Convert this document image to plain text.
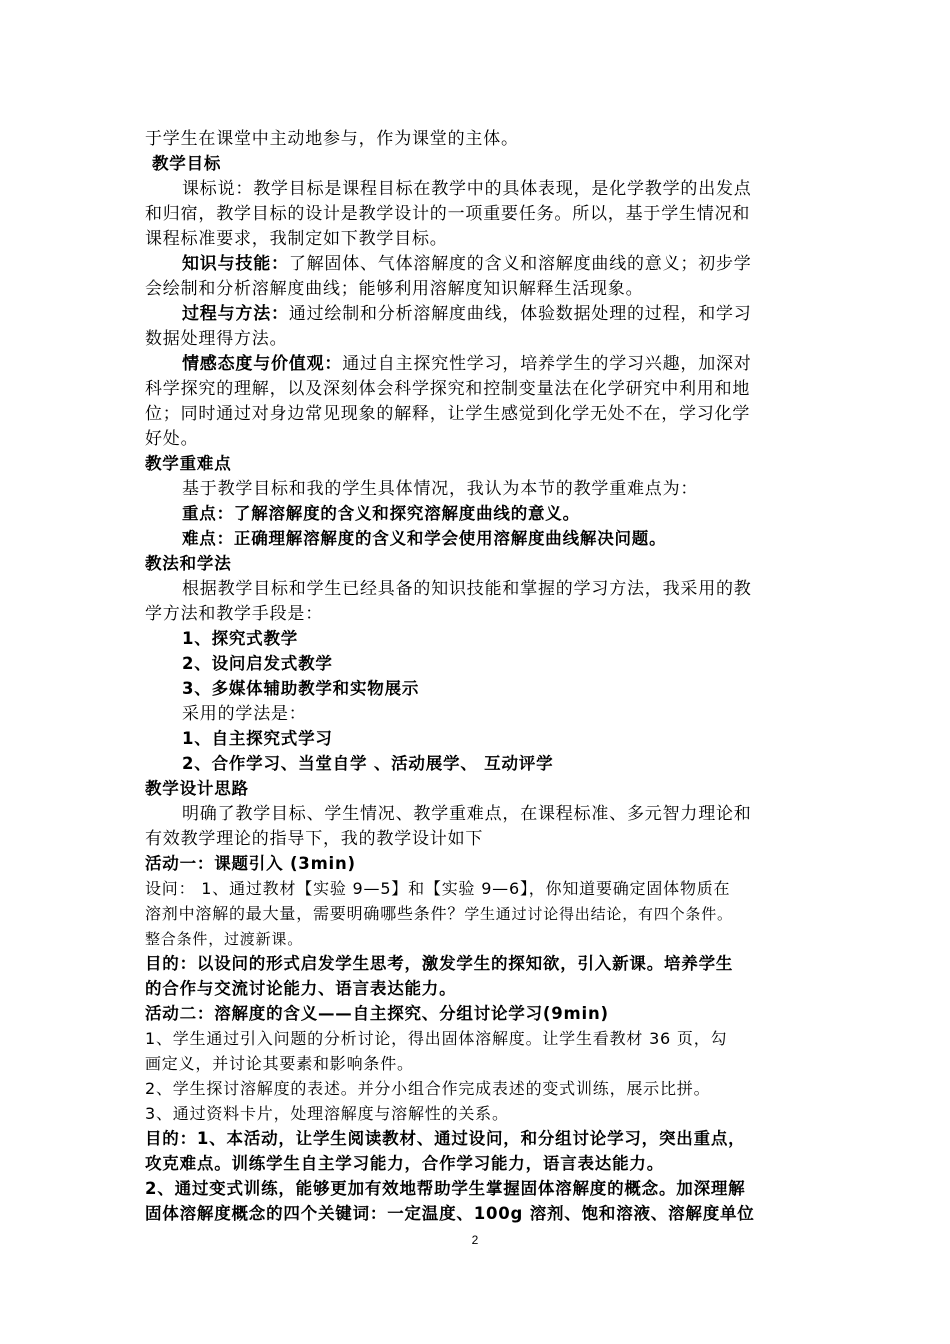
于学生在课堂中主动地参与，作为课堂的主体。
教学目标
课标说：教学目标是课程目标在教学中的具体表现，是化学教学的出发点
和归宿，教学目标的设计是教学设计的一项重要任务。所以，基于学生情况和
课程标准要求，我制定如下教学目标。
知识与技能：了解固体、气体溶解度的含义和溶解度曲线的意义；初步学
会绘制和分析溶解度曲线；能够利用溶解度知识解释生活现象。
过程与方法：通过绘制和分析溶解度曲线，体验数据处理的过程，和学习
数据处理得方法。
情感态度与价值观：通过自主探究性学习，培养学生的学习兴趣，加深对
科学探究的理解，以及深刻体会科学探究和控制变量法在化学研究中利用和地
位；同时通过对身边常见现象的解释，让学生感觉到化学无处不在，学习化学
好处。
教学重难点
基于教学目标和我的学生具体情况，我认为本节的教学重难点为：
重点：了解溶解度的含义和探究溶解度曲线的意义。
难点：正确理解溶解度的含义和学会使用溶解度曲线解决问题。
教法和学法
根据教学目标和学生已经具备的知识技能和掌握的学习方法，我采用的教
学方法和教学手段是：
1、探究式教学
2、设问启发式教学
3、多媒体辅助教学和实物展示
采用的学法是：
1、自主探究式学习
2、合作学习、当堂自学 、活动展学、 互动评学
教学设计思路
明确了教学目标、学生情况、教学重难点，在课程标准、多元智力理论和
有效教学理论的指导下，我的教学设计如下
活动一：课题引入 (3min)
设问： 1、通过教材【实验 9—5】和【实验 9—6】，你知道要确定固体物质在
溶剂中溶解的最大量，需要明确哪些条件？学生通过讨论得出结论，有四个条件。
整合条件，过渡新课。
目的：以设问的形式启发学生思考，激发学生的探知欲，引入新课。培养学生
的合作与交流讨论能力、语言表达能力。
活动二：溶解度的含义——自主探究、分组讨论学习(9min)
1、学生通过引入问题的分析讨论，得出固体溶解度。让学生看教材 36 页，勾
画定义，并讨论其要素和影响条件。
2、学生探讨溶解度的表述。并分小组合作完成表述的变式训练，展示比拼。
3、通过资料卡片，处理溶解度与溶解性的关系。
目的：1、本活动，让学生阅读教材、通过设问，和分组讨论学习，突出重点，
攻克难点。训练学生自主学习能力，合作学习能力，语言表达能力。
2、通过变式训练，能够更加有效地帮助学生掌握固体溶解度的概念。加深理解
固体溶解度概念的四个关键词：一定温度、100g 溶剂、饱和溶液、溶解度单位
2
